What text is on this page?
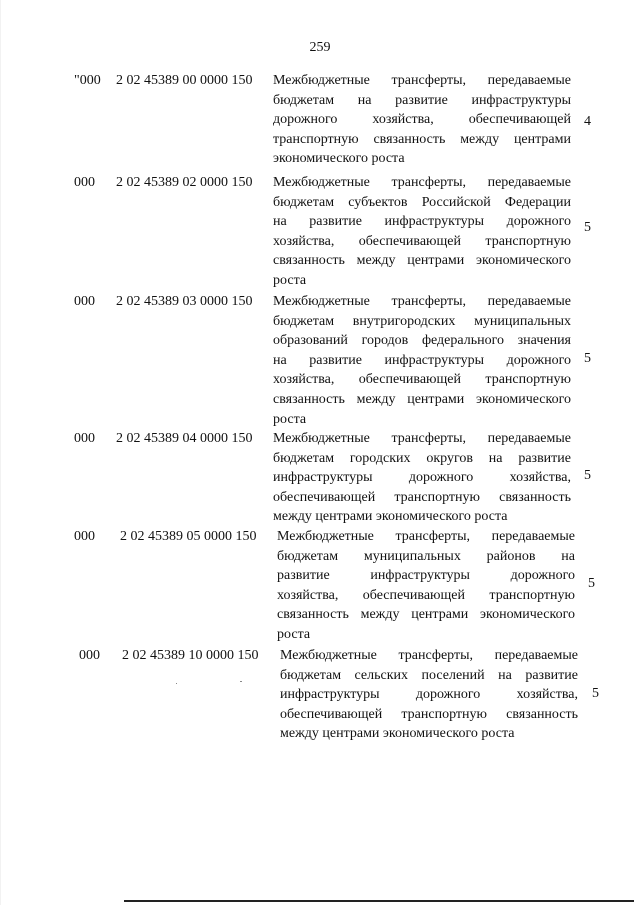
259
"000 2 02 45389 00 0000 150 Межбюджетные трансферты, передаваемые
бюджетам на развитие инфраструктуры
дорожного хозяйства, обеспечивающей
транспортную связанность между центрами
экономического роста
4
000 2 02 45389 02 0000 150 Межбюджетные трансферты, передаваемые
бюджетам субъектов Российской Федерации
на развитие инфраструктуры дорожного
хозяйства, обеспечивающей транспортную
связанность между центрами экономического
роста
5
000 2 02 45389 03 0000 150 Межбюджетные трансферты, передаваемые
бюджетам внутригородских муниципальных
образований городов федерального значения
на развитие инфраструктуры дорожного
хозяйства, обеспечивающей транспортную
связанность между центрами экономического
роста
5
000 2 02 45389 04 0000 150 Межбюджетные трансферты, передаваемые
бюджетам городских округов на развитие
инфраструктуры дорожного хозяйства,
обеспечивающей транспортную связанность
между центрами экономического роста
5
000 2 02 45389 05 0000 150 Межбюджетные трансферты, передаваемые
бюджетам муниципальных районов на
развитие инфраструктуры дорожного
хозяйства, обеспечивающей транспортную
связанность между центрами экономического
роста
5
000 2 02 45389 10 0000 150 Межбюджетные трансферты, передаваемые
бюджетам сельских поселений на развитие
инфраструктуры дорожного хозяйства,
обеспечивающей транспортную связанность
между центрами экономического роста
5
